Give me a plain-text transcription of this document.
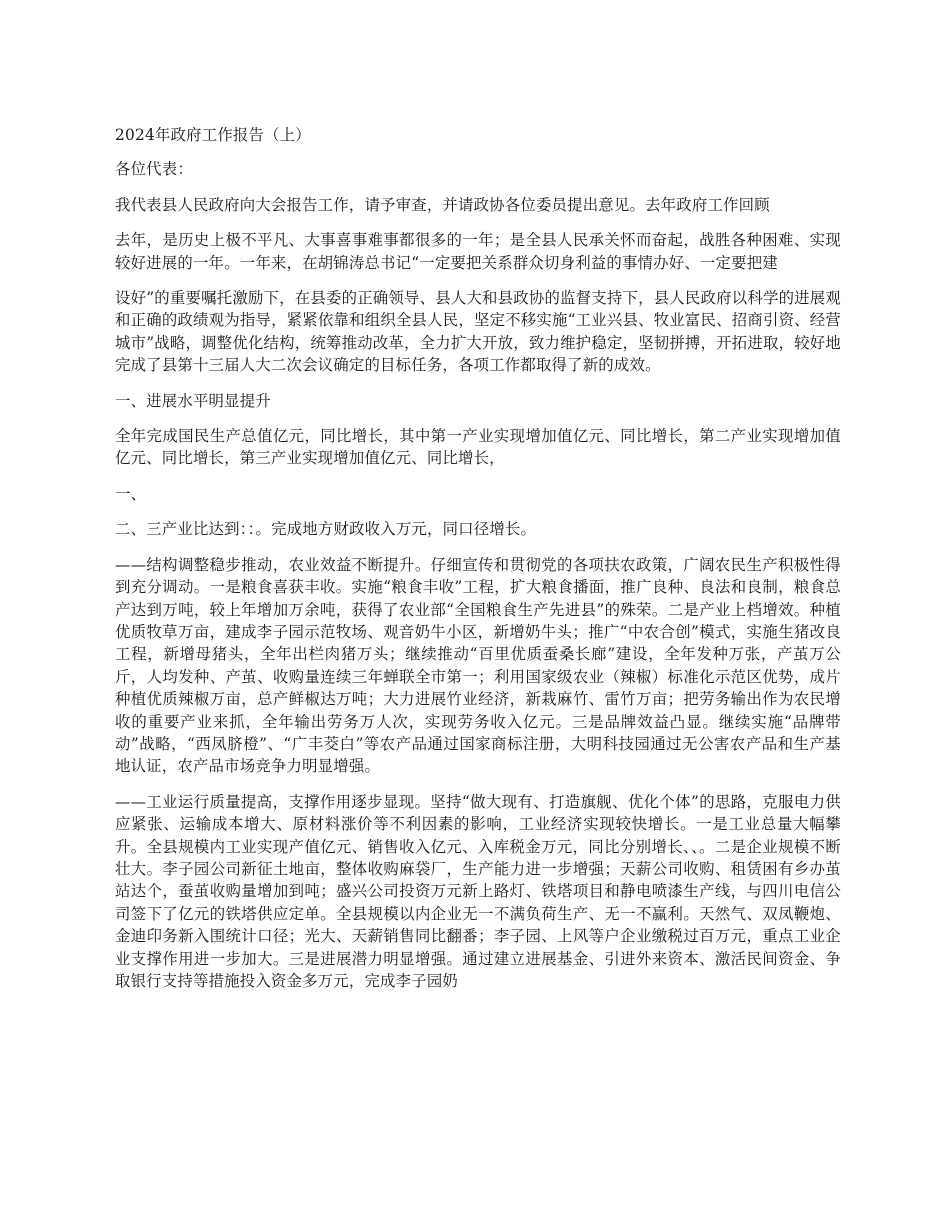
2024年政府工作报告（上）

各位代表：

我代表县人民政府向大会报告工作，请予审查，并请政协各位委员提出意见。去年政府工作回顾

去年，是历史上极不平凡、大事喜事难事都很多的一年；是全县人民承关怀而奋起，战胜各种困难、实现较好进展的一年。一年来，在胡锦涛总书记“一定要把关系群众切身利益的事情办好、一定要把建

设好”的重要嘱托激励下，在县委的正确领导、县人大和县政协的监督支持下，县人民政府以科学的进展观和正确的政绩观为指导，紧紧依靠和组织全县人民，坚定不移实施“工业兴县、牧业富民、招商引资、经营城市”战略，调整优化结构，统筹推动改革，全力扩大开放，致力维护稳定，坚韧拼搏，开拓进取，较好地完成了县第十三届人大二次会议确定的目标任务，各项工作都取得了新的成效。

一、进展水平明显提升

全年完成国民生产总值亿元，同比增长，其中第一产业实现增加值亿元、同比增长，第二产业实现增加值亿元、同比增长，第三产业实现增加值亿元、同比增长，

一、

二、三产业比达到：：。完成地方财政收入万元，同口径增长。

——结构调整稳步推动，农业效益不断提升。仔细宣传和贯彻党的各项扶农政策，广阔农民生产积极性得到充分调动。一是粮食喜获丰收。实施“粮食丰收”工程，扩大粮食播面，推广良种、良法和良制，粮食总产达到万吨，较上年增加万余吨，获得了农业部“全国粮食生产先进县”的殊荣。二是产业上档增效。种植优质牧草万亩，建成李子园示范牧场、观音奶牛小区，新增奶牛头；推广“中农合创”模式，实施生猪改良工程，新增母猪头，全年出栏肉猪万头；继续推动“百里优质蚕桑长廊”建设，全年发种万张，产茧万公斤，人均发种、产茧、收购量连续三年蝉联全市第一；利用国家级农业（辣椒）标准化示范区优势，成片种植优质辣椒万亩，总产鲜椒达万吨；大力进展竹业经济，新栽麻竹、雷竹万亩；把劳务输出作为农民增收的重要产业来抓，全年输出劳务万人次，实现劳务收入亿元。三是品牌效益凸显。继续实施“品牌带动”战略，“西凤脐橙”、“广丰茭白”等农产品通过国家商标注册，大明科技园通过无公害农产品和生产基地认证，农产品市场竞争力明显增强。

——工业运行质量提高，支撑作用逐步显现。坚持“做大现有、打造旗舰、优化个体”的思路，克服电力供应紧张、运输成本增大、原材料涨价等不利因素的影响，工业经济实现较快增长。一是工业总量大幅攀升。全县规模内工业实现产值亿元、销售收入亿元、入库税金万元，同比分别增长、、。二是企业规模不断壮大。李子园公司新征土地亩，整体收购麻袋厂，生产能力进一步增强；天薪公司收购、租赁困有乡办茧站达个，蚕茧收购量增加到吨；盛兴公司投资万元新上路灯、铁塔项目和静电喷漆生产线，与四川电信公司签下了亿元的铁塔供应定单。全县规模以内企业无一不满负荷生产、无一不赢利。天然气、双凤鞭炮、金迪印务新入围统计口径；光大、天薪销售同比翻番；李子园、上风等户企业缴税过百万元，重点工业企业支撑作用进一步加大。三是进展潜力明显增强。通过建立进展基金、引进外来资本、激活民间资金、争取银行支持等措施投入资金多万元，完成李子园奶
